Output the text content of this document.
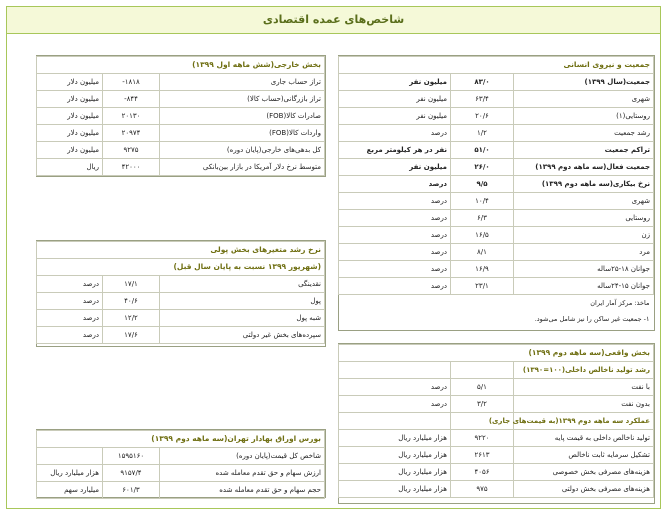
شاخص‌های عمده اقتصادی
جمعیت و نیروی انسانی		
جمعیت(سال ۱۳۹۹)	۸۳/۰	میلیون نفر
شهری	۶۳/۴	میلیون نفر
روستایی(۱)	۲۰/۶	میلیون نفر
رشد جمعیت	۱/۲	درصد
تراکم جمعیت	۵۱/۰	نفر در هر کیلومتر مربع
جمعیت فعال(سه ماهه دوم ۱۳۹۹)	۲۶/۰	میلیون نفر
نرخ بیکاری(سه ماهه دوم ۱۳۹۹)	۹/۵	درصد
شهری	۱۰/۴	درصد
روستایی	۶/۳	درصد
زن	۱۶/۵	درصد
مرد	۸/۱	درصد
جوانان ۱۸-۲۵ساله	۱۶/۹	درصد
جوانان ۱۵-۲۴ساله	۲۳/۱	درصد
ماخذ: مرکز آمار ایران		
۱- جمعیت غیر ساکن را نیز شامل می‌شود.		
بخش واقعی(سه ماهه دوم ۱۳۹۹)		
رشد تولید ناخالص داخلی(۱۰۰=۱۳۹۰)		
با نفت	۵/۱	درصد
بدون نفت	۳/۲	درصد
عملکرد سه ماهه دوم ۱۳۹۹(به قیمت‌های جاری)		
تولید ناخالص داخلی به قیمت پایه	۹۲۲۰	هزار میلیارد ریال
تشکیل سرمایه ثابت ناخالص	۲۶۱۳	هزار میلیارد ریال
هزینه‌های مصرفی بخش خصوصی	۴۰۵۶	هزار میلیارد ریال
هزینه‌های مصرفی بخش دولتی	۹۷۵	هزار میلیارد ریال
بخش خارجی(شش ماهه اول ۱۳۹۹)		
تراز حساب جاری	۱۸۱۸-	میلیون دلار
تراز بازرگانی(حساب کالا)	۸۴۴-	میلیون دلار
صادرات کالا(FOB)	۲۰۱۳۰	میلیون دلار
واردات کالا(FOB)	۲۰۹۷۴	میلیون دلار
کل بدهی‌های خارجی(پایان دوره)	۹۲۷۵	میلیون دلار
متوسط نرخ دلار آمریکا در بازار بین‌بانکی	۴۲۰۰۰	ریال
نرخ رشد متغیرهای بخش پولی		
(شهریور ۱۳۹۹ نسبت به پایان سال قبل)		
نقدینگی	۱۷/۱	درصد
پول	۴۰/۶	درصد
شبه پول	۱۲/۲	درصد
سپرده‌های بخش غیر دولتی	۱۷/۶	درصد
بورس اوراق بهادار تهران(سه ماهه دوم ۱۳۹۹)		
شاخص کل قیمت(پایان دوره)	۱۵۹۵۱۶۰	
ارزش سهام و حق تقدم معامله شده	۹۱۵۷/۴	هزار میلیارد ریال
حجم سهام و حق تقدم معامله شده	۶۰۱/۳	میلیارد سهم
